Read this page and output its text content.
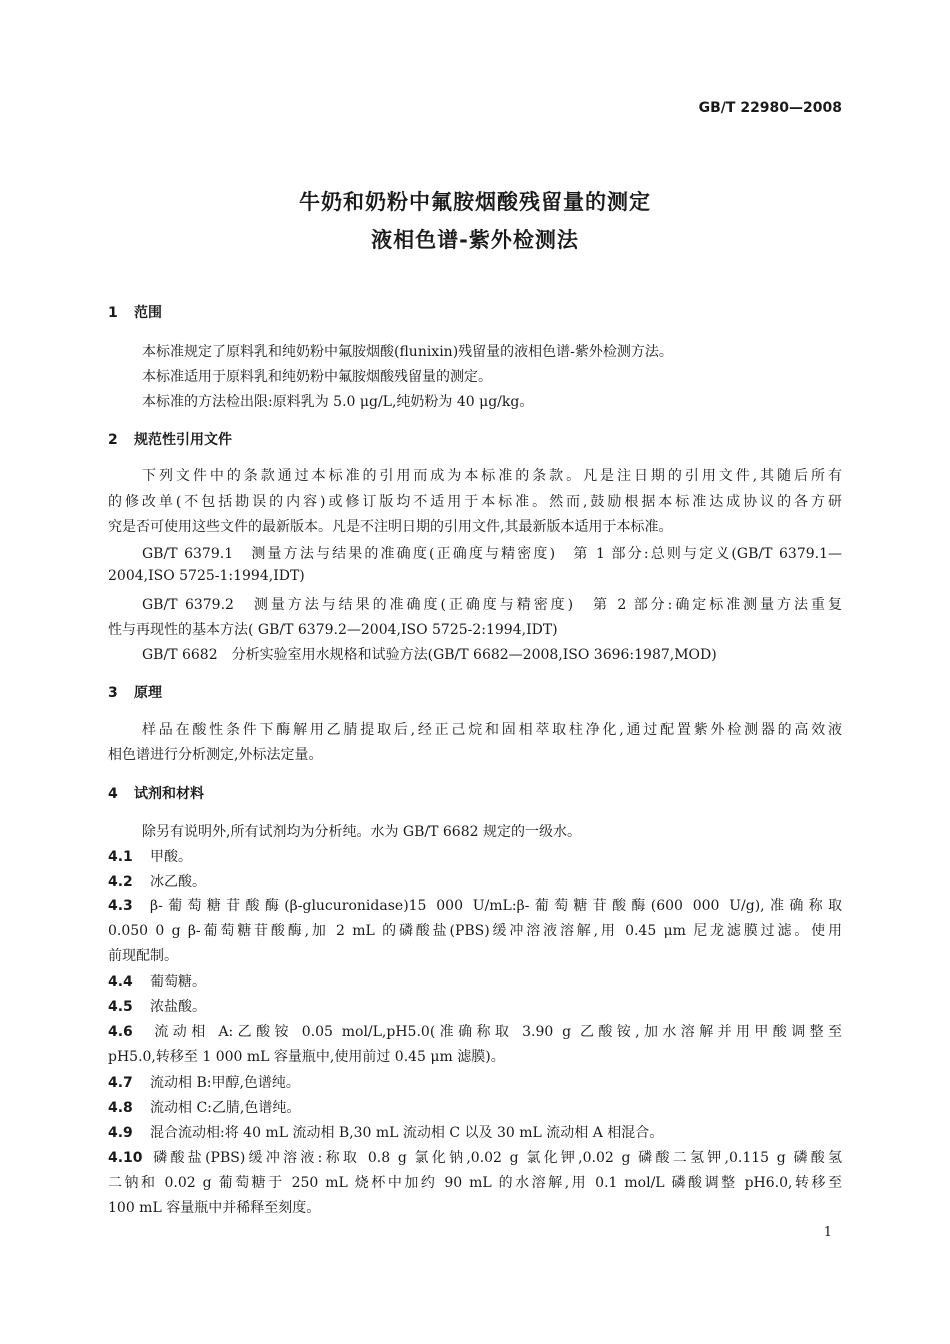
GB/T 22980—2008
牛奶和奶粉中氟胺烟酸残留量的测定
液相色谱-紫外检测法
1 范围
本标准规定了原料乳和纯奶粉中氟胺烟酸(flunixin)残留量的液相色谱-紫外检测方法。
本标准适用于原料乳和纯奶粉中氟胺烟酸残留量的测定。
本标准的方法检出限:原料乳为 5.0 μg/L,纯奶粉为 40 μg/kg。
2 规范性引用文件
下列文件中的条款通过本标准的引用而成为本标准的条款。凡是注日期的引用文件,其随后所有
的修改单(不包括勘误的内容)或修订版均不适用于本标准。然而,鼓励根据本标准达成协议的各方研
究是否可使用这些文件的最新版本。凡是不注明日期的引用文件,其最新版本适用于本标准。
GB/T 6379.1　测量方法与结果的准确度(正确度与精密度)　第 1 部分:总则与定义(GB/T 6379.1—
2004,ISO 5725-1:1994,IDT)
GB/T 6379.2　测量方法与结果的准确度(正确度与精密度)　第 2 部分:确定标准测量方法重复
性与再现性的基本方法( GB/T 6379.2—2004,ISO 5725-2:1994,IDT)
GB/T 6682　分析实验室用水规格和试验方法(GB/T 6682—2008,ISO 3696:1987,MOD)
3 原理
样品在酸性条件下酶解用乙腈提取后,经正己烷和固相萃取柱净化,通过配置紫外检测器的高效液
相色谱进行分析测定,外标法定量。
4 试剂和材料
除另有说明外,所有试剂均为分析纯。水为 GB/T 6682 规定的一级水。
4.1 甲酸。
4.2 冰乙酸。
4.3 β-葡萄糖苷酸酶(β-glucuronidase)15 000 U/mL:β-葡萄糖苷酸酶(600 000 U/g),准确称取
0.050 0 g β-葡萄糖苷酸酶,加 2 mL 的磷酸盐(PBS)缓冲溶液溶解,用 0.45 μm 尼龙滤膜过滤。使用
前现配制。
4.4 葡萄糖。
4.5 浓盐酸。
4.6 流动相 A:乙酸铵 0.05 mol/L,pH5.0(准确称取 3.90 g 乙酸铵,加水溶解并用甲酸调整至
pH5.0,转移至 1 000 mL 容量瓶中,使用前过 0.45 μm 滤膜)。
4.7 流动相 B:甲醇,色谱纯。
4.8 流动相 C:乙腈,色谱纯。
4.9 混合流动相:将 40 mL 流动相 B,30 mL 流动相 C 以及 30 mL 流动相 A 相混合。
4.10 磷酸盐(PBS)缓冲溶液:称取 0.8 g 氯化钠,0.02 g 氯化钾,0.02 g 磷酸二氢钾,0.115 g 磷酸氢
二钠和 0.02 g 葡萄糖于 250 mL 烧杯中加约 90 mL 的水溶解,用 0.1 mol/L 磷酸调整 pH6.0,转移至
100 mL 容量瓶中并稀释至刻度。
1
